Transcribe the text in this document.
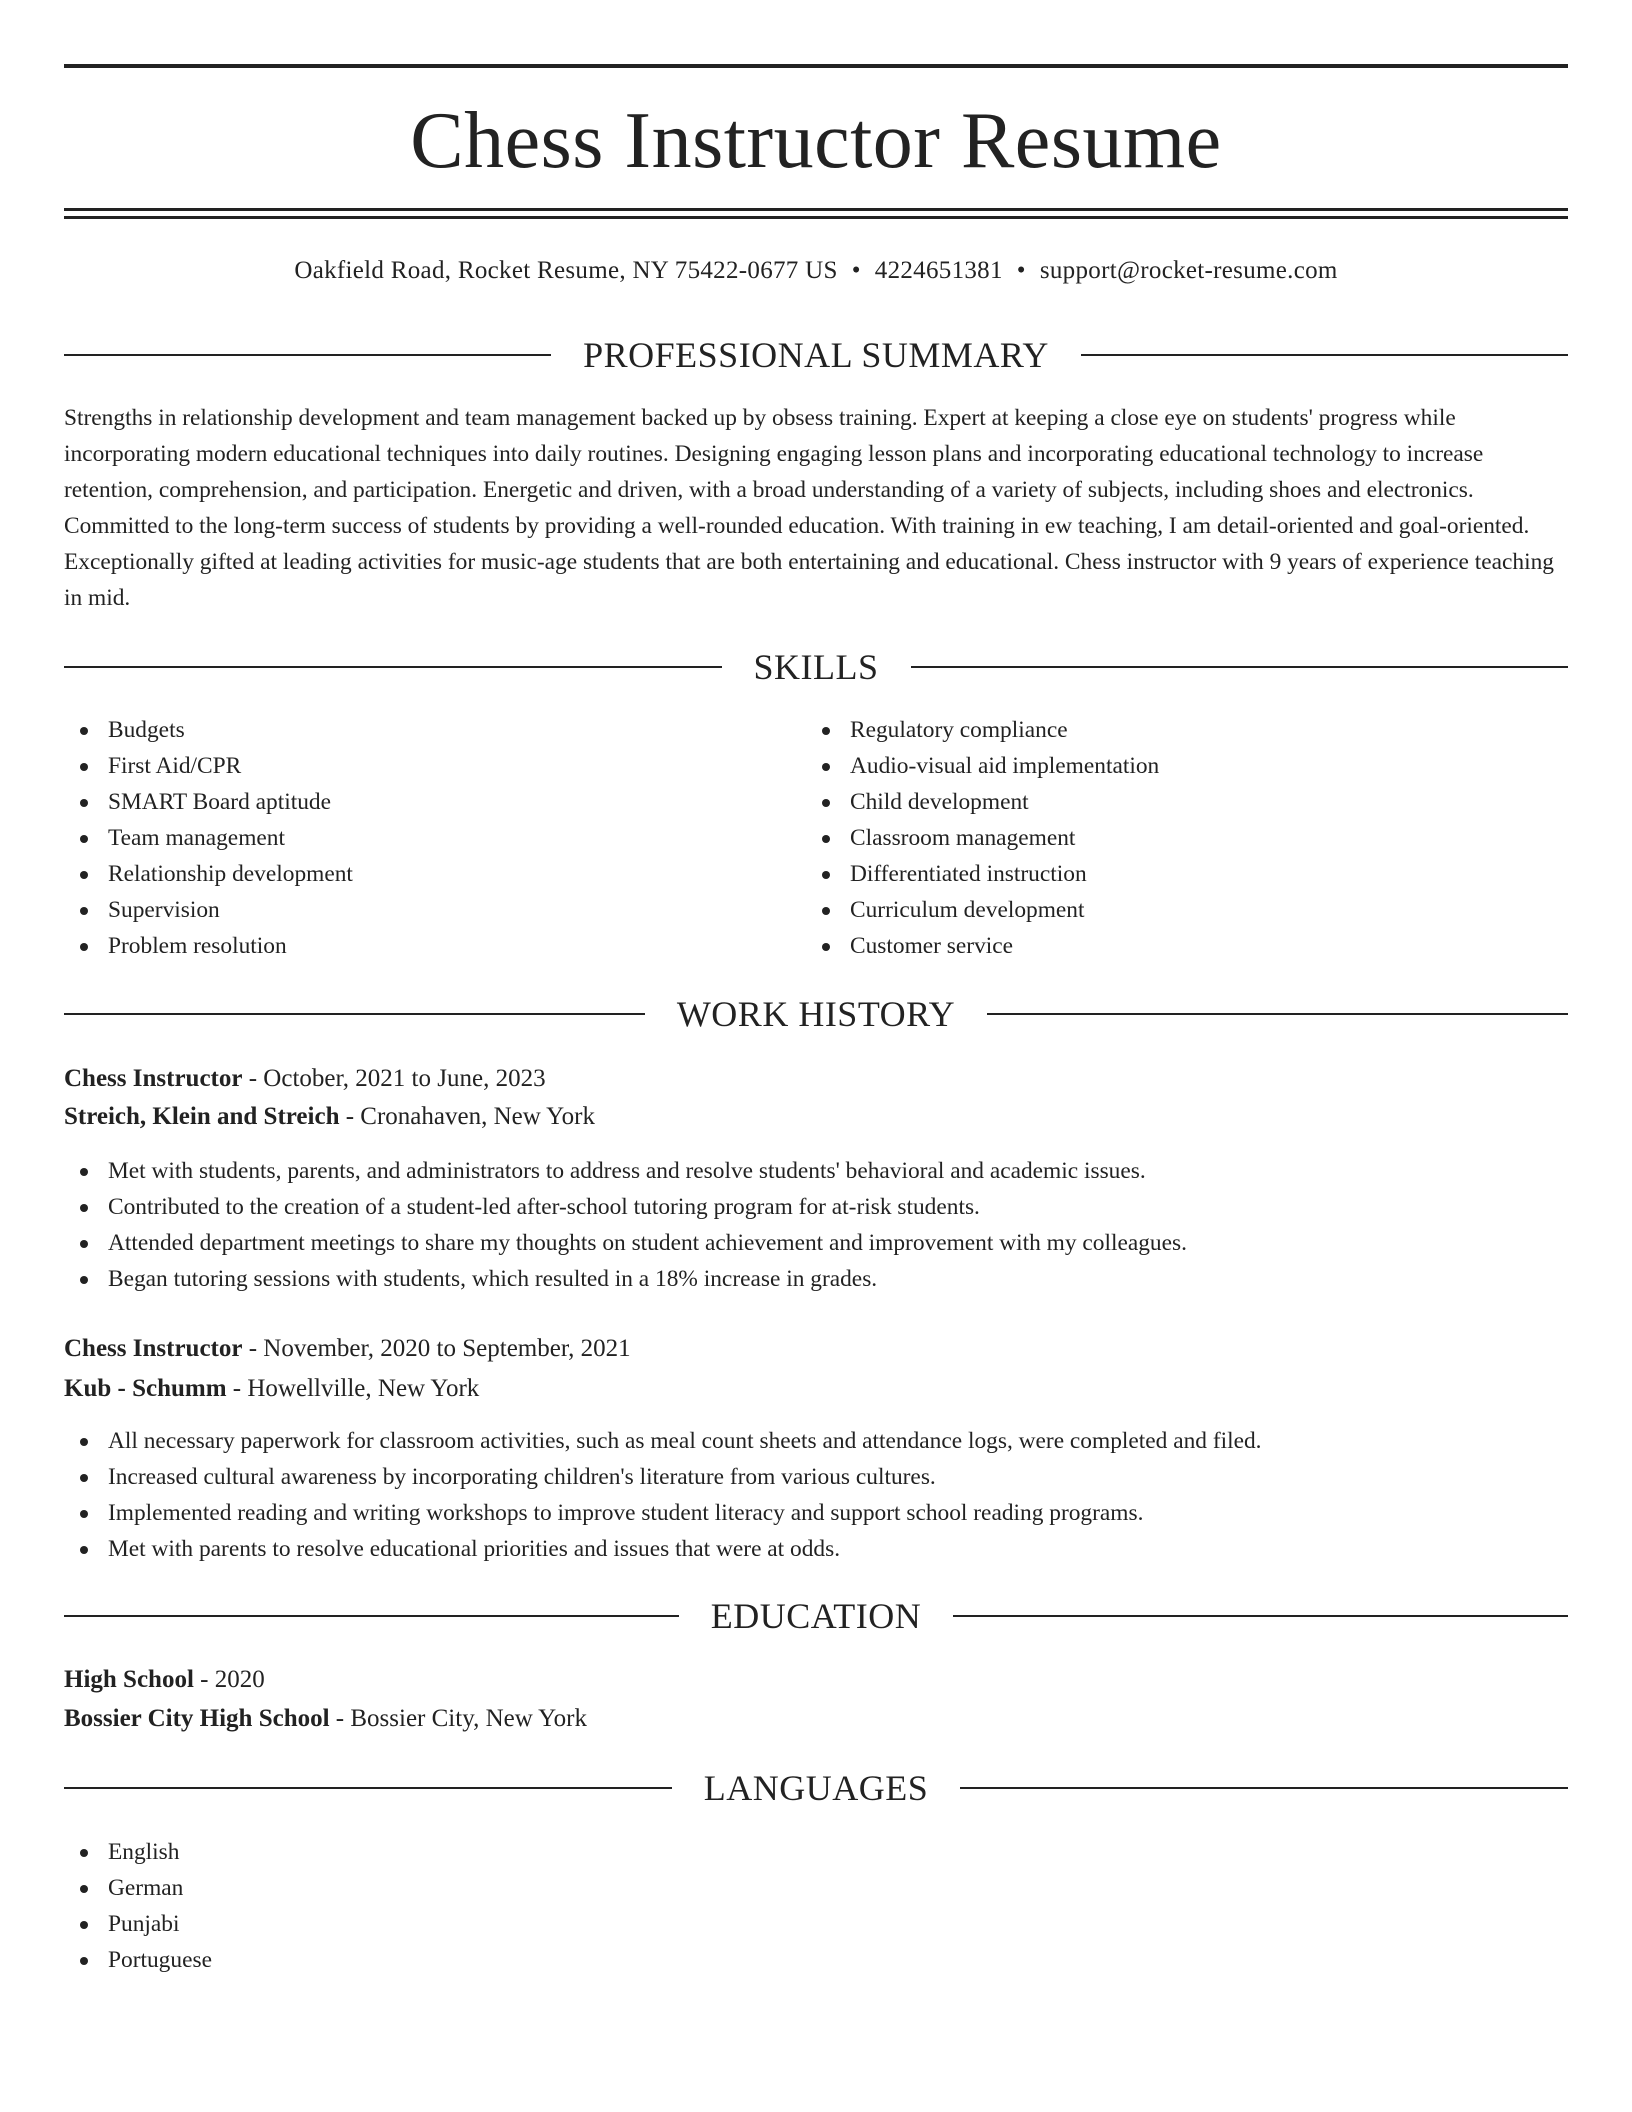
Chess Instructor Resume
Oakfield Road, Rocket Resume, NY 75422-0677 US • 4224651381 • support@rocket-resume.com
PROFESSIONAL SUMMARY

Strengths in relationship development and team management backed up by obsess training. Expert at keeping a close eye on students' progress while incorporating modern educational techniques into daily routines. Designing engaging lesson plans and incorporating educational technology to increase retention, comprehension, and participation. Energetic and driven, with a broad understanding of a variety of subjects, including shoes and electronics. Committed to the long-term success of students by providing a well-rounded education. With training in ew teaching, I am detail-oriented and goal-oriented. Exceptionally gifted at leading activities for music-age students that are both entertaining and educational. Chess instructor with 9 years of experience teaching in mid.

SKILLS
Budgets
First Aid/CPR
SMART Board aptitude
Team management
Relationship development
Supervision
Problem resolution
Regulatory compliance
Audio-visual aid implementation
Child development
Classroom management
Differentiated instruction
Curriculum development
Customer service
WORK HISTORY
Chess Instructor - October, 2021 to June, 2023
Streich, Klein and Streich - Cronahaven, New York
Met with students, parents, and administrators to address and resolve students' behavioral and academic issues.
Contributed to the creation of a student-led after-school tutoring program for at-risk students.
Attended department meetings to share my thoughts on student achievement and improvement with my colleagues.
Began tutoring sessions with students, which resulted in a 18% increase in grades.
Chess Instructor - November, 2020 to September, 2021
Kub - Schumm - Howellville, New York
All necessary paperwork for classroom activities, such as meal count sheets and attendance logs, were completed and filed.
Increased cultural awareness by incorporating children's literature from various cultures.
Implemented reading and writing workshops to improve student literacy and support school reading programs.
Met with parents to resolve educational priorities and issues that were at odds.
EDUCATION
High School - 2020
Bossier City High School - Bossier City, New York
LANGUAGES
English
German
Punjabi
Portuguese
